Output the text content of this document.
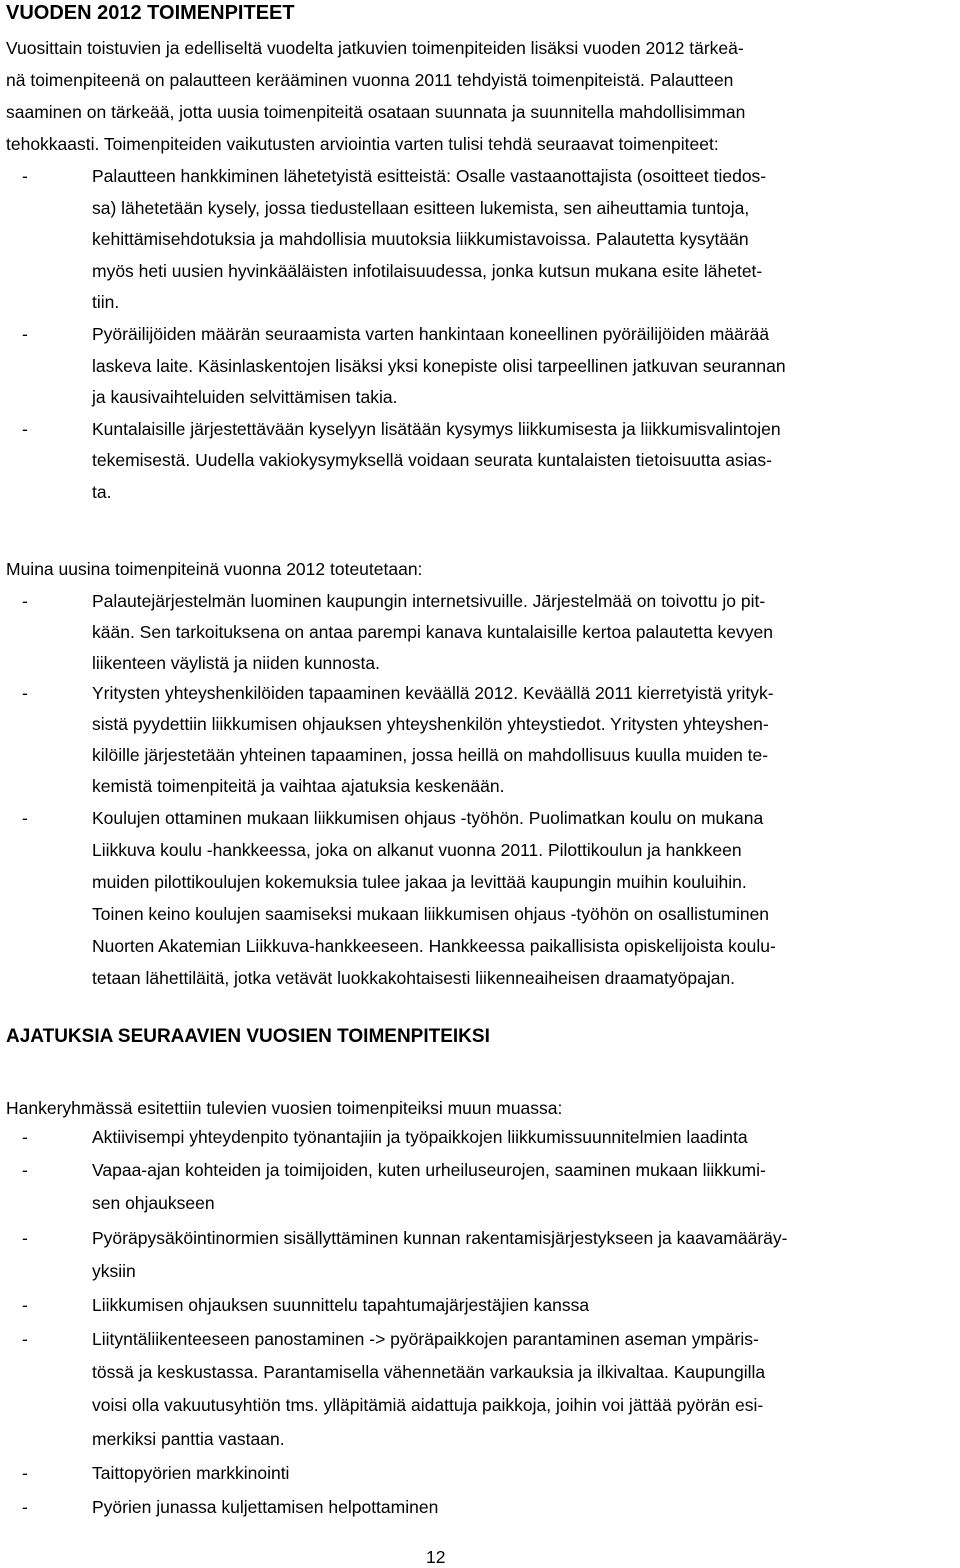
VUODEN 2012 TOIMENPITEET
Vuosittain toistuvien ja edelliseltä vuodelta jatkuvien toimenpiteiden lisäksi vuoden 2012 tärkeä-
nä toimenpiteenä on palautteen kerääminen vuonna 2011 tehdyistä toimenpiteistä. Palautteen
saaminen on tärkeää, jotta uusia toimenpiteitä osataan suunnata ja suunnitella mahdollisimman
tehokkaasti. Toimenpiteiden vaikutusten arviointia varten tulisi tehdä seuraavat toimenpiteet:
-	Palautteen hankkiminen lähetetyistä esitteistä: Osalle vastaanottajista (osoitteet tiedos-
sa) lähetetään kysely, jossa tiedustellaan esitteen lukemista, sen aiheuttamia tuntoja,
kehittämisehdotuksia ja mahdollisia muutoksia liikkumistavoissa. Palautetta kysytään
myös heti uusien hyvinkääläisten infotilaisuudessa, jonka kutsun mukana esite lähetet-
tiin.
-	Pyöräilijöiden määrän seuraamista varten hankintaan koneellinen pyöräilijöiden määrää
laskeva laite. Käsinlaskentojen lisäksi yksi konepiste olisi tarpeellinen jatkuvan seurannan
ja kausivaihteluiden selvittämisen takia.
-	Kuntalaisille järjestettävään kyselyyn lisätään kysymys liikkumisesta ja liikkumisvalintojen
tekemisestä. Uudella vakiokysymyksellä voidaan seurata kuntalaisten tietoisuutta asias-
ta.
Muina uusina toimenpiteinä vuonna 2012 toteutetaan:
-	Palautejärjestelmän luominen kaupungin internetsivuille. Järjestelmää on toivottu jo pit-
kään. Sen tarkoituksena on antaa parempi kanava kuntalaisille kertoa palautetta kevyen
liikenteen väylistä ja niiden kunnosta.
-	Yritysten yhteyshenkilöiden tapaaminen keväällä 2012. Keväällä 2011 kierretyistä yrityk-
sistä pyydettiin liikkumisen ohjauksen yhteyshenkilön yhteystiedot. Yritysten yhteyshen-
kilöille järjestetään yhteinen tapaaminen, jossa heillä on mahdollisuus kuulla muiden te-
kemistä toimenpiteitä ja vaihtaa ajatuksia keskenään.
-	Koulujen ottaminen mukaan liikkumisen ohjaus -työhön. Puolimatkan koulu on mukana
Liikkuva koulu -hankkeessa, joka on alkanut vuonna 2011. Pilottikoulun ja hankkeen
muiden pilottikoulujen kokemuksia tulee jakaa ja levittää kaupungin muihin kouluihin.
Toinen keino koulujen saamiseksi mukaan liikkumisen ohjaus -työhön on osallistuminen
Nuorten Akatemian Liikkuva-hankkeeseen. Hankkeessa paikallisista opiskelijoista koulu-
tetaan lähettiläitä, jotka vetävät luokkakohtaisesti liikenneaiheisen draamatyöpajan.
AJATUKSIA SEURAAVIEN VUOSIEN TOIMENPITEIKSI
Hankeryhmässä esitettiin tulevien vuosien toimenpiteiksi muun muassa:
-	Aktiivisempi yhteydenpito työnantajiin ja työpaikkojen liikkumissuunnitelmien laadinta
-	Vapaa-ajan kohteiden ja toimijoiden, kuten urheiluseurojen, saaminen mukaan liikkumi-
sen ohjaukseen
-	Pyöräpysäköintinormien sisällyttäminen kunnan rakentamisjärjestykseen ja kaavamääräy-
yksiin
-	Liikkumisen ohjauksen suunnittelu tapahtumajärjestäjien kanssa
-	Liityntäliikenteeseen panostaminen -> pyöräpaikkojen parantaminen aseman ympäris-
tössä ja keskustassa. Parantamisella vähennetään varkauksia ja ilkivaltaa. Kaupungilla
voisi olla vakuutusyhtiön tms. ylläpitämiä aidattuja paikkoja, joihin voi jättää pyörän esi-
merkiksi panttia vastaan.
-	Taittopyörien markkinointi
-	Pyörien junassa kuljettamisen helpottaminen
12
